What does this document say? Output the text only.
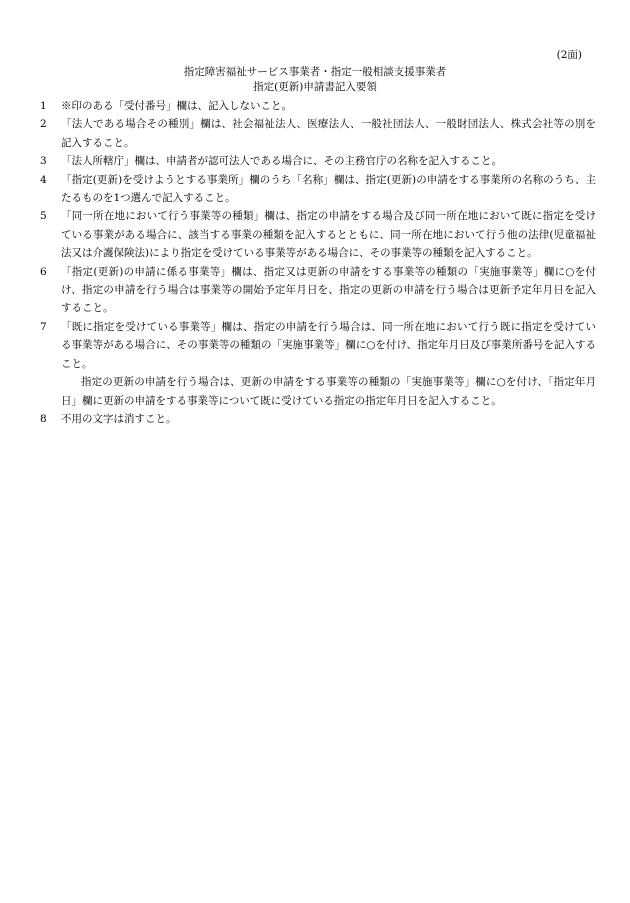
(2面)
指定障害福祉サービス事業者・指定一般相談支援事業者
指定(更新)申請書記入要領
1	※印のある「受付番号」欄は、記入しないこと。

2	「法人である場合その種別」欄は、社会福祉法人、医療法人、一般社団法人、一般財団法人、株式会社等の別を記入すること。

3	「法人所轄庁」欄は、申請者が認可法人である場合に、その主務官庁の名称を記入すること。

4	「指定(更新)を受けようとする事業所」欄のうち「名称」欄は、指定(更新)の申請をする事業所の名称のうち、主たるものを1つ選んで記入すること。

5	「同一所在地において行う事業等の種類」欄は、指定の申請をする場合及び同一所在地において既に指定を受けている事業がある場合に、該当する事業の種類を記入するとともに、同一所在地において行う他の法律(児童福祉法又は介護保険法)により指定を受けている事業等がある場合に、その事業等の種類を記入すること。

6	「指定(更新)の申請に係る事業等」欄は、指定又は更新の申請をする事業等の種類の「実施事業等」欄に○を付け、指定の申請を行う場合は事業等の開始予定年月日を、指定の更新の申請を行う場合は更新予定年月日を記入すること。

7	「既に指定を受けている事業等」欄は、指定の申請を行う場合は、同一所在地において行う既に指定を受けている事業等がある場合に、その事業等の種類の「実施事業等」欄に○を付け、指定年月日及び事業所番号を記入すること。

指定の更新の申請を行う場合は、更新の申請をする事業等の種類の「実施事業等」欄に○を付け、「指定年月日」欄に更新の申請をする事業等について既に受けている指定の指定年月日を記入すること。

8	不用の文字は消すこと。
